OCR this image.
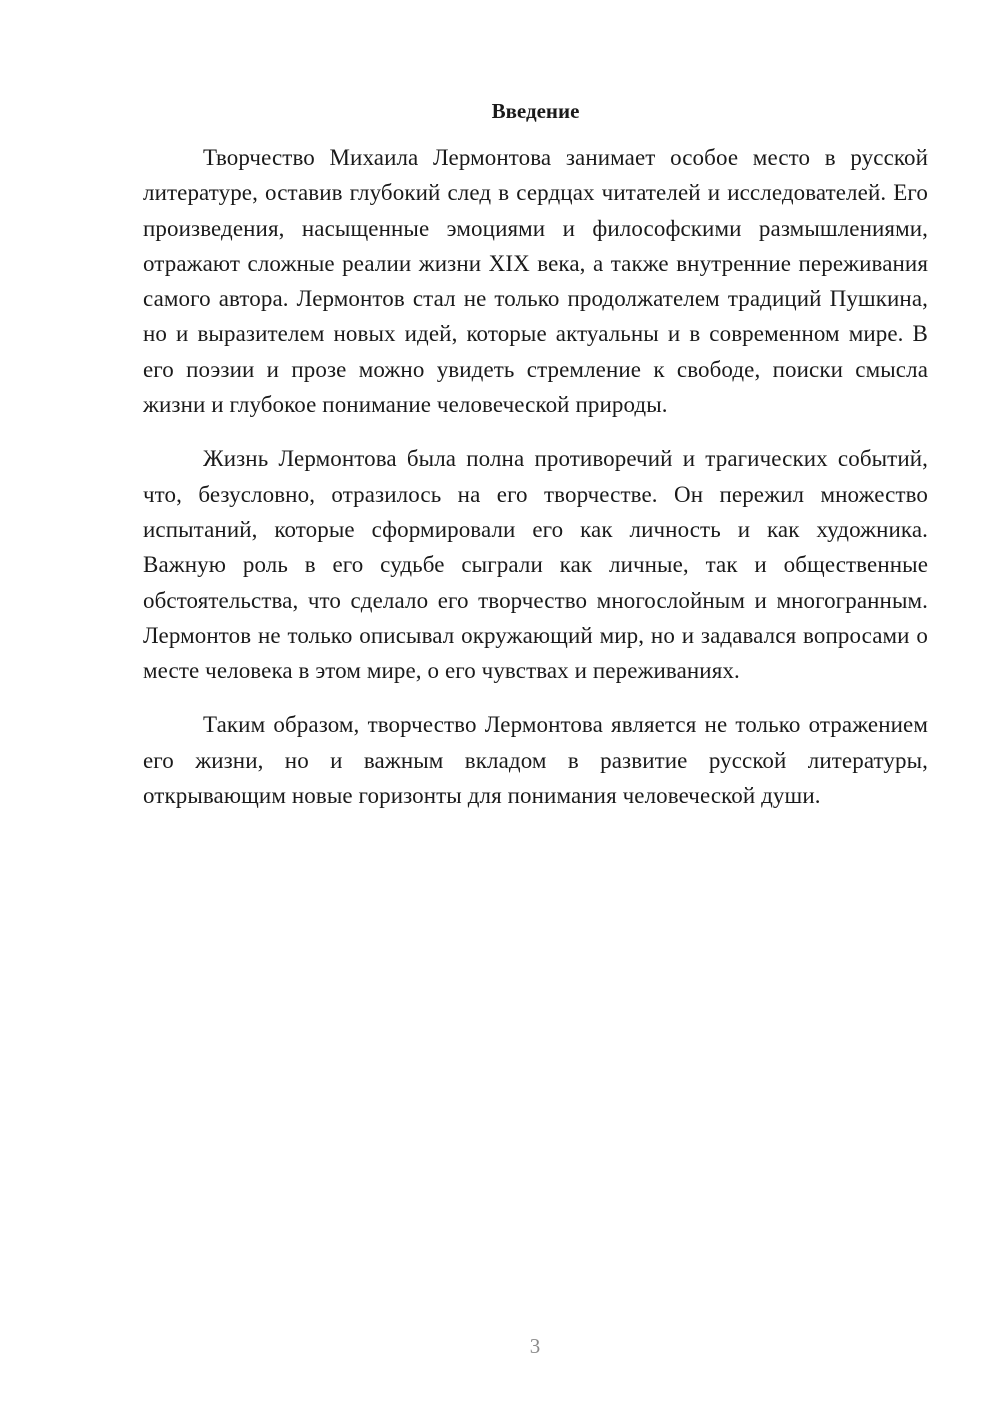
Введение

Творчество Михаила Лермонтова занимает особое место в русской литературе, оставив глубокий след в сердцах читателей и исследователей. Его произведения, насыщенные эмоциями и философскими размышлениями, отражают сложные реалии жизни XIX века, а также внутренние переживания самого автора. Лермонтов стал не только продолжателем традиций Пушкина, но и выразителем новых идей, которые актуальны и в современном мире. В его поэзии и прозе можно увидеть стремление к свободе, поиски смысла жизни и глубокое понимание человеческой природы.

Жизнь Лермонтова была полна противоречий и трагических событий, что, безусловно, отразилось на его творчестве. Он пережил множество испытаний, которые сформировали его как личность и как художника. Важную роль в его судьбе сыграли как личные, так и общественные обстоятельства, что сделало его творчество многослойным и многогранным. Лермонтов не только описывал окружающий мир, но и задавался вопросами о месте человека в этом мире, о его чувствах и переживаниях.

Таким образом, творчество Лермонтова является не только отражением его жизни, но и важным вкладом в развитие русской литературы, открывающим новые горизонты для понимания человеческой души.

3
